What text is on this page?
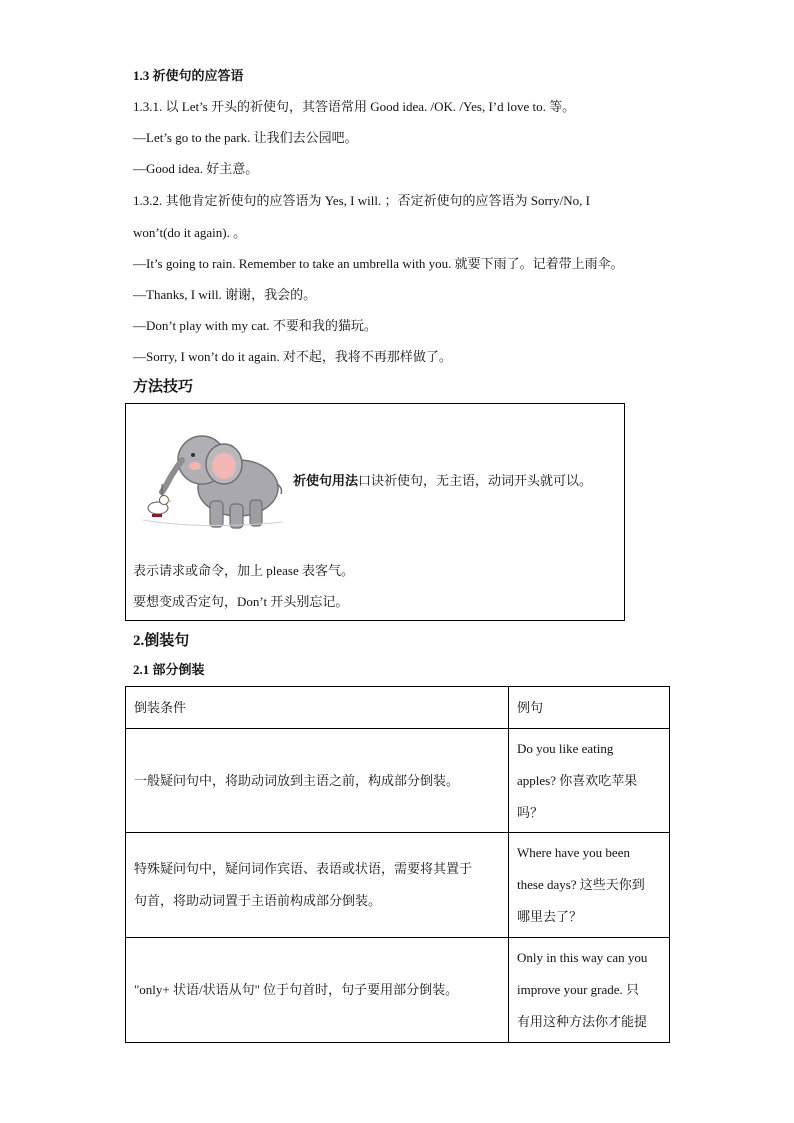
1.3 祈使句的应答语
1.3.1. 以 Let’s 开头的祈使句，其答语常用 Good idea. /OK. /Yes, I’d love to. 等。
—Let’s go to the park. 让我们去公园吧。
—Good idea. 好主意。
1.3.2. 其他肯定祈使句的应答语为 Yes, I will. ；否定祈使句的应答语为 Sorry/No, I
won’t(do it again). 。
—It’s going to rain. Remember to take an umbrella with you. 就要下雨了。记着带上雨伞。
—Thanks, I will. 谢谢，我会的。
—Don’t play with my cat. 不要和我的猫玩。
—Sorry, I won’t do it again. 对不起，我将不再那样做了。
方法技巧
祈使句用法口诀祈使句，无主语，动词开头就可以。
表示请求或命令，加上 please 表客气。
要想变成否定句，Don’t 开头别忘记。
2.倒装句
2.1 部分倒装
倒装条件	例句
一般疑问句中，将助动词放到主语之前，构成部分倒装。	Do you like eating
apples? 你喜欢吃苹果
吗？

特殊疑问句中，疑问词作宾语、表语或状语，需要将其置于
句首，将助动词置于主语前构成部分倒装。	Where have you been
these days? 这些天你到
哪里去了？

"only+ 状语/状语从句" 位于句首时，句子要用部分倒装。	Only in this way can you
improve your grade. 只
有用这种方法你才能提
